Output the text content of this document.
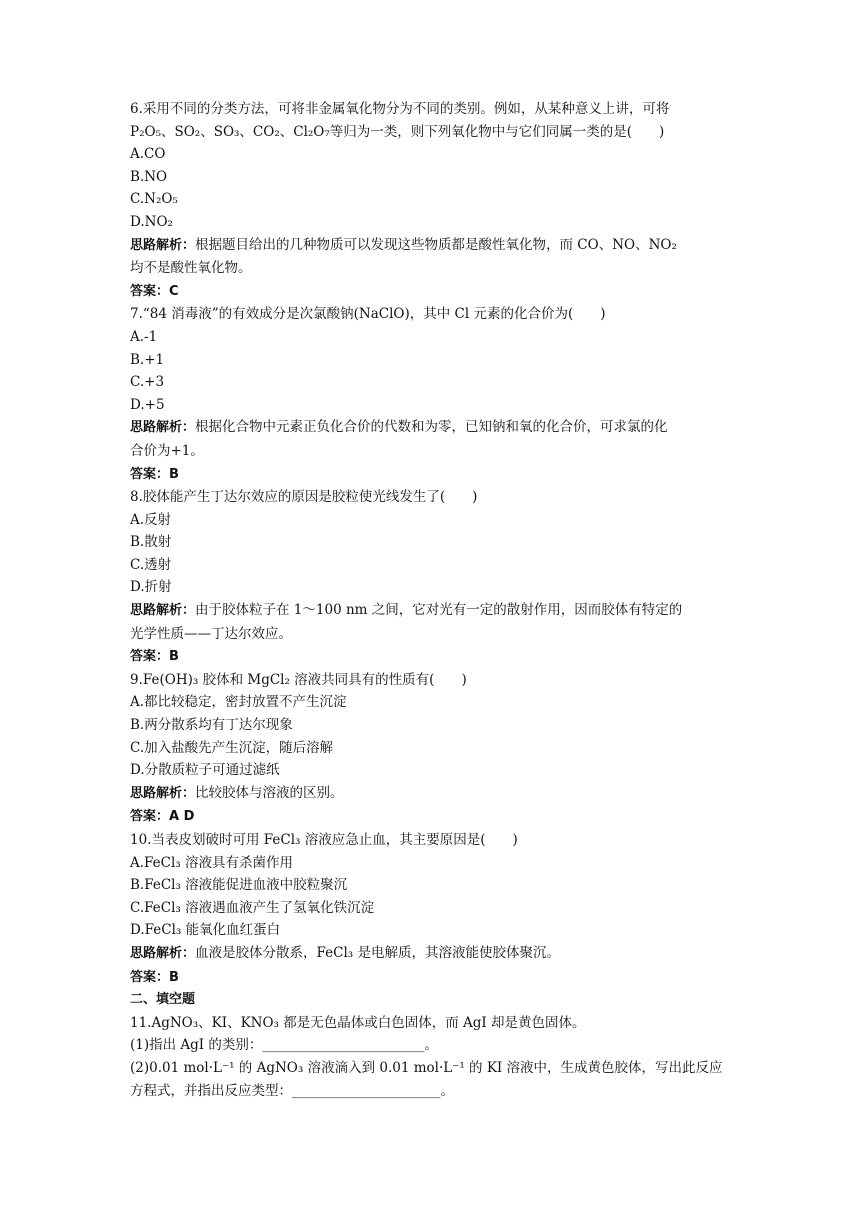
6.采用不同的分类方法，可将非金属氧化物分为不同的类别。例如，从某种意义上讲，可将
P₂O₅、SO₂、SO₃、CO₂、Cl₂O₇等归为一类，则下列氧化物中与它们同属一类的是(　　)
A.CO
B.NO
C.N₂O₅
D.NO₂
思路解析：根据题目给出的几种物质可以发现这些物质都是酸性氧化物，而 CO、NO、NO₂
均不是酸性氧化物。
答案：C
7.“84 消毒液”的有效成分是次氯酸钠(NaClO)，其中 Cl 元素的化合价为(　　)
A.-1
B.+1
C.+3
D.+5
思路解析：根据化合物中元素正负化合价的代数和为零，已知钠和氧的化合价，可求氯的化
合价为+1。
答案：B
8.胶体能产生丁达尔效应的原因是胶粒使光线发生了(　　)
A.反射
B.散射
C.透射
D.折射
思路解析：由于胶体粒子在 1～100 nm 之间，它对光有一定的散射作用，因而胶体有特定的
光学性质——丁达尔效应。
答案：B
9.Fe(OH)₃ 胶体和 MgCl₂ 溶液共同具有的性质有(　　)
A.都比较稳定，密封放置不产生沉淀
B.两分散系均有丁达尔现象
C.加入盐酸先产生沉淀，随后溶解
D.分散质粒子可通过滤纸
思路解析：比较胶体与溶液的区别。
答案：A D
10.当表皮划破时可用 FeCl₃ 溶液应急止血，其主要原因是(　　)
A.FeCl₃ 溶液具有杀菌作用
B.FeCl₃ 溶液能促进血液中胶粒聚沉
C.FeCl₃ 溶液遇血液产生了氢氧化铁沉淀
D.FeCl₃ 能氧化血红蛋白
思路解析：血液是胶体分散系，FeCl₃ 是电解质，其溶液能使胶体聚沉。
答案：B
二、填空题
11.AgNO₃、KI、KNO₃ 都是无色晶体或白色固体，而 AgI 却是黄色固体。
(1)指出 AgI 的类别：________________________。
(2)0.01 mol·L⁻¹ 的 AgNO₃ 溶液滴入到 0.01 mol·L⁻¹ 的 KI 溶液中，生成黄色胶体，写出此反应
方程式，并指出反应类型：______________________。
